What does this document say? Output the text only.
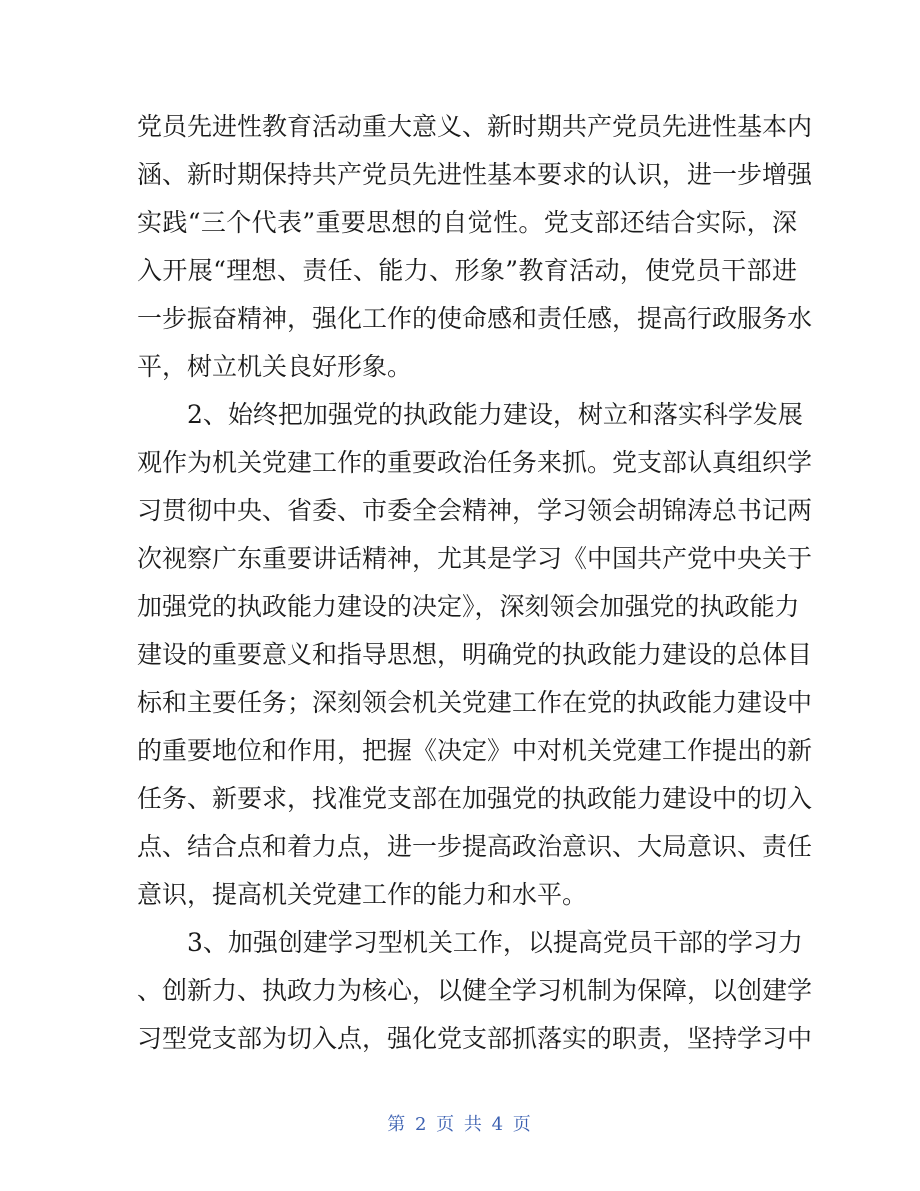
党员先进性教育活动重大意义、新时期共产党员先进性基本内
涵、新时期保持共产党员先进性基本要求的认识，进一步增强
实践“三个代表”重要思想的自觉性。党支部还结合实际，深
入开展“理想、责任、能力、形象”教育活动，使党员干部进
一步振奋精神，强化工作的使命感和责任感，提高行政服务水
平，树立机关良好形象。
2、始终把加强党的执政能力建设，树立和落实科学发展
观作为机关党建工作的重要政治任务来抓。党支部认真组织学
习贯彻中央、省委、市委全会精神，学习领会胡锦涛总书记两
次视察广东重要讲话精神，尤其是学习《中国共产党中央关于
加强党的执政能力建设的决定》，深刻领会加强党的执政能力
建设的重要意义和指导思想，明确党的执政能力建设的总体目
标和主要任务；深刻领会机关党建工作在党的执政能力建设中
的重要地位和作用，把握《决定》中对机关党建工作提出的新
任务、新要求，找准党支部在加强党的执政能力建设中的切入
点、结合点和着力点，进一步提高政治意识、大局意识、责任
意识，提高机关党建工作的能力和水平。
3、加强创建学习型机关工作，以提高党员干部的学习力
、创新力、执政力为核心，以健全学习机制为保障，以创建学
习型党支部为切入点，强化党支部抓落实的职责，坚持学习中
第 2 页 共 4 页
